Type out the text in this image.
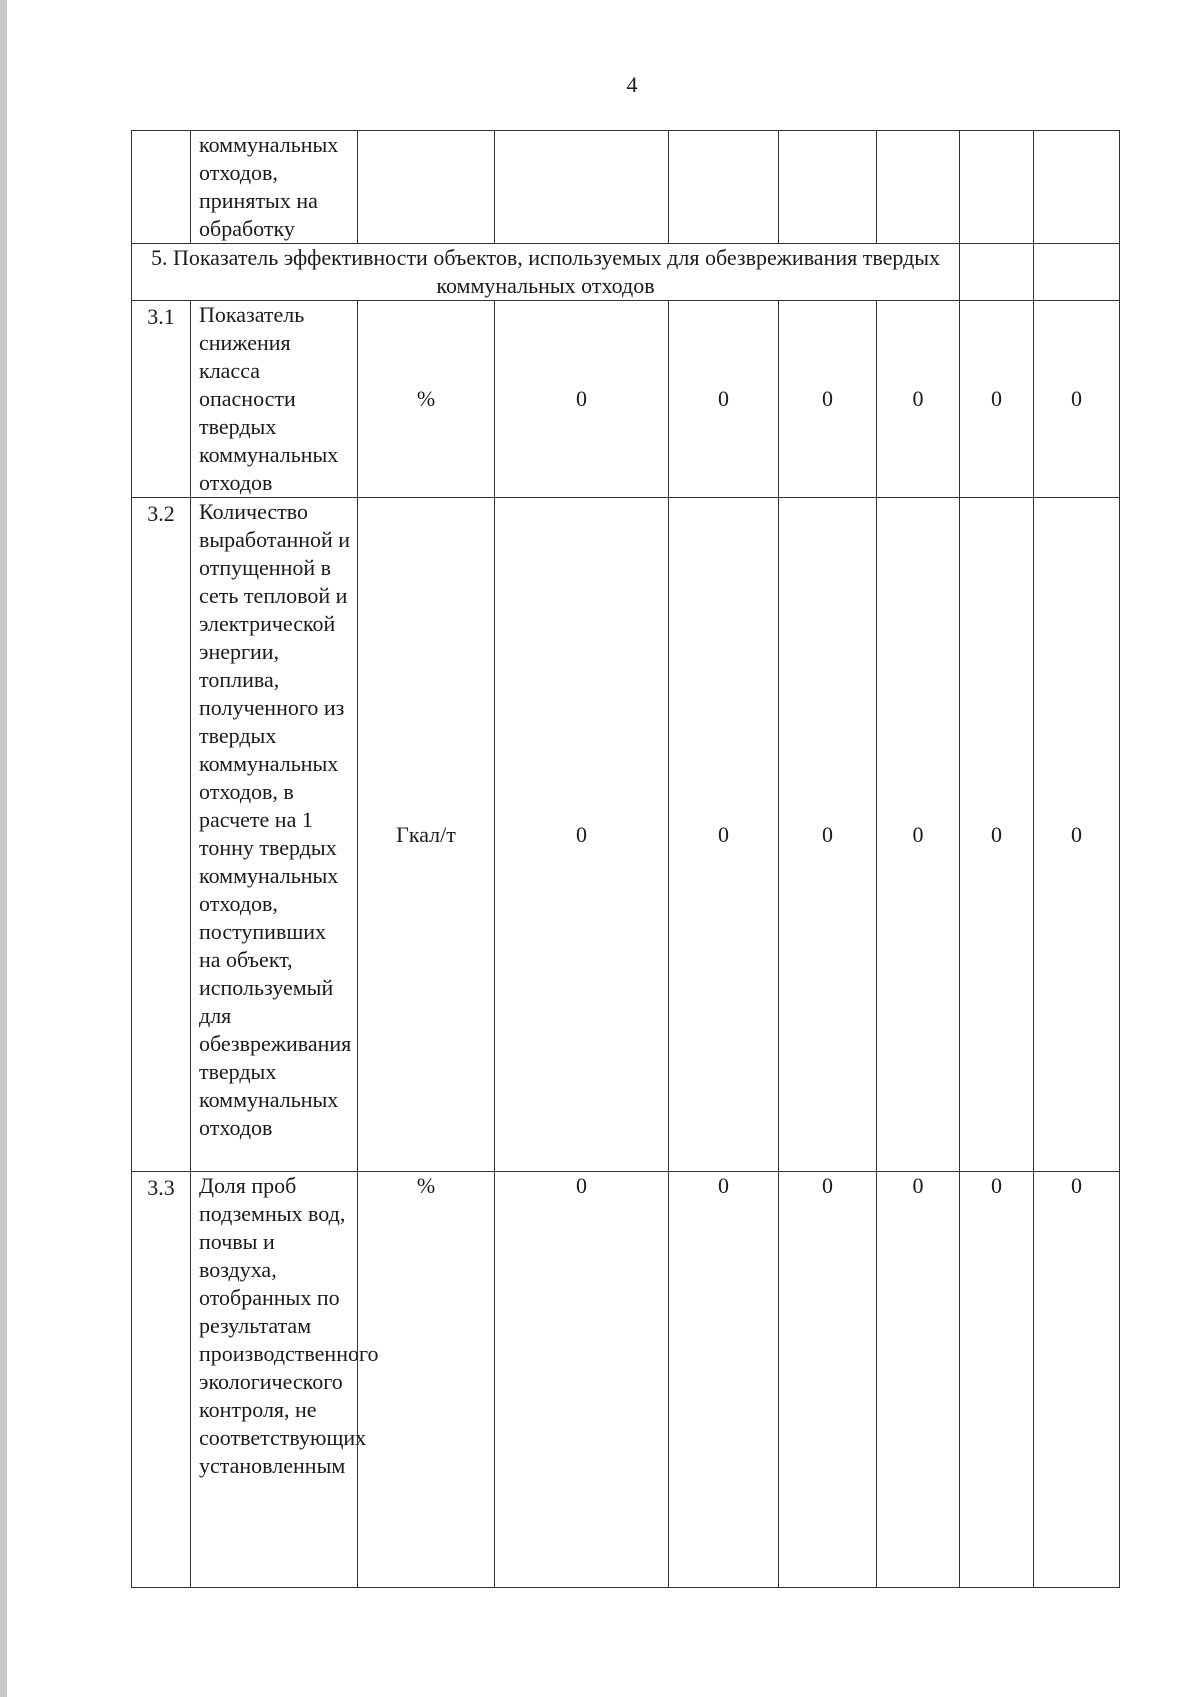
4
	коммунальных отходов, принятых на обработку							
5. Показатель эффективности объектов, используемых для обезвреживания твердых коммунальных отходов								
3.1	Показатель снижения класса опасности твердых коммунальных отходов	%	0	0	0	0	0	0
3.2	Количество выработанной и отпущенной в сеть тепловой и электрической энергии, топлива, полученного из твердых коммунальных отходов, в расчете на 1 тонну твердых коммунальных отходов, поступивших на объект, используемый для обезвреживания твердых коммунальных отходов	Гкал/т	0	0	0	0	0	0
3.3	Доля проб подземных вод, почвы и воздуха, отобранных по результатам производственного экологического контроля, не соответствующих установленным	%	0	0	0	0	0	0
